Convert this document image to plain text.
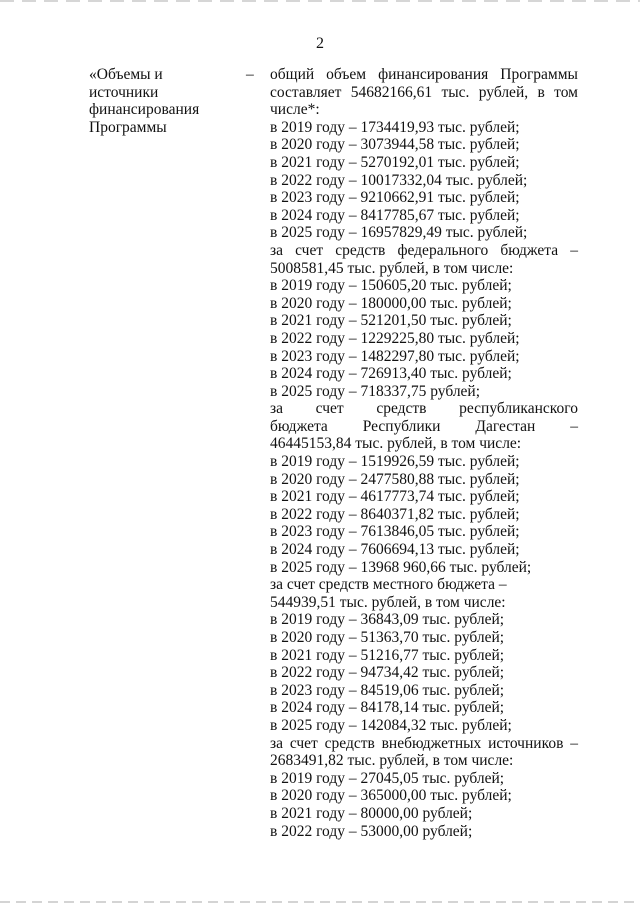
2
«Объемы и
источники
финансирования
Программы
– общий объем финансирования Программы
составляет 54682166,61 тыс. рублей, в том
числе*:
в 2019 году – 1734419,93 тыс. рублей;
в 2020 году – 3073944,58 тыс. рублей;
в 2021 году – 5270192,01 тыс. рублей;
в 2022 году – 10017332,04 тыс. рублей;
в 2023 году – 9210662,91 тыс. рублей;
в 2024 году – 8417785,67 тыс. рублей;
в 2025 году – 16957829,49 тыс. рублей;
за счет средств федерального бюджета –
5008581,45 тыс. рублей, в том числе:
в 2019 году – 150605,20 тыс. рублей;
в 2020 году – 180000,00 тыс. рублей;
в 2021 году – 521201,50 тыс. рублей;
в 2022 году – 1229225,80 тыс. рублей;
в 2023 году – 1482297,80 тыс. рублей;
в 2024 году – 726913,40 тыс. рублей;
в 2025 году – 718337,75 рублей;
за счет средств республиканского
бюджета Республики Дагестан –
46445153,84 тыс. рублей, в том числе:
в 2019 году – 1519926,59 тыс. рублей;
в 2020 году – 2477580,88 тыс. рублей;
в 2021 году – 4617773,74 тыс. рублей;
в 2022 году – 8640371,82 тыс. рублей;
в 2023 году – 7613846,05 тыс. рублей;
в 2024 году – 7606694,13 тыс. рублей;
в 2025 году – 13968 960,66 тыс. рублей;
за счет средств местного бюджета –
544939,51 тыс. рублей, в том числе:
в 2019 году – 36843,09 тыс. рублей;
в 2020 году – 51363,70 тыс. рублей;
в 2021 году – 51216,77 тыс. рублей;
в 2022 году – 94734,42 тыс. рублей;
в 2023 году – 84519,06 тыс. рублей;
в 2024 году – 84178,14 тыс. рублей;
в 2025 году – 142084,32 тыс. рублей;
за счет средств внебюджетных источников –
2683491,82 тыс. рублей, в том числе:
в 2019 году – 27045,05 тыс. рублей;
в 2020 году – 365000,00 тыс. рублей;
в 2021 году – 80000,00 рублей;
в 2022 году – 53000,00 рублей;
